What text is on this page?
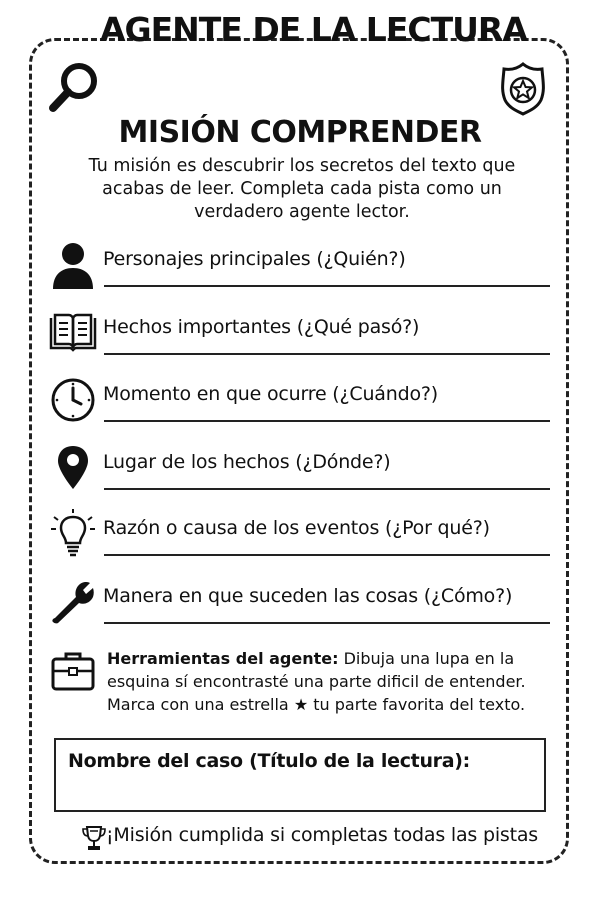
AGENTE DE LA LECTURA
MISIÓN COMPRENDER
Tu misión es descubrir los secretos del texto que acabas de leer. Completa cada pista como un verdadero agente lector.
Personajes principales (¿Quién?)
Hechos importantes (¿Qué pasó?)
Momento en que ocurre (¿Cuándo?)
Lugar de los hechos (¿Dónde?)
Razón o causa de los eventos (¿Por qué?)
Manera en que suceden las cosas (¿Cómo?)
Herramientas del agente: Dibuja una lupa en la esquina sí encontrasté una parte dificil de entender. Marca con una estrella ★ tu parte favorita del texto.
Nombre del caso (Título de la lectura):
¡Misión cumplida si completas todas las pistas
